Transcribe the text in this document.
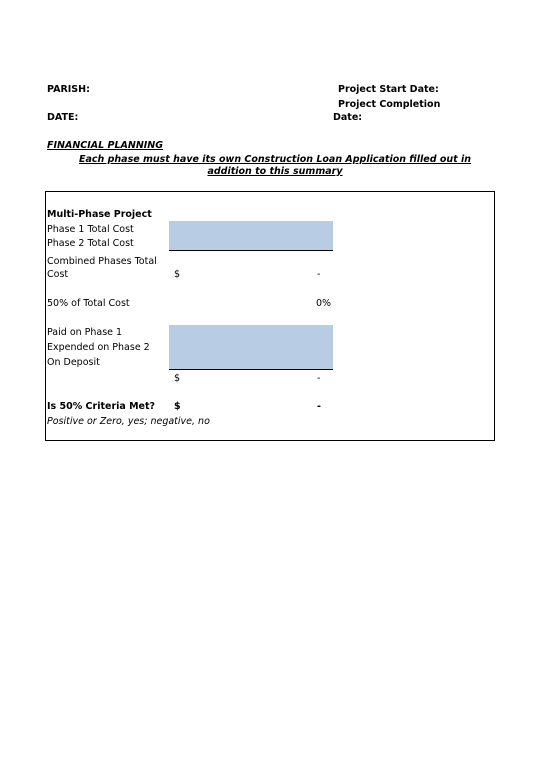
PARISH:
DATE:
Project Start Date:
Project Completion
Date:
FINANCIAL PLANNING
Each phase must have its own Construction Loan Application filled out in
addition to this summary
Multi-Phase Project
Phase 1 Total Cost
Phase 2 Total Cost
Combined Phases Total
Cost	$	-
50% of Total Cost	0%
Paid on Phase 1
Expended on Phase 2
On Deposit
$	-
Is 50% Criteria Met? $	-
Positive or Zero, yes; negative, no
